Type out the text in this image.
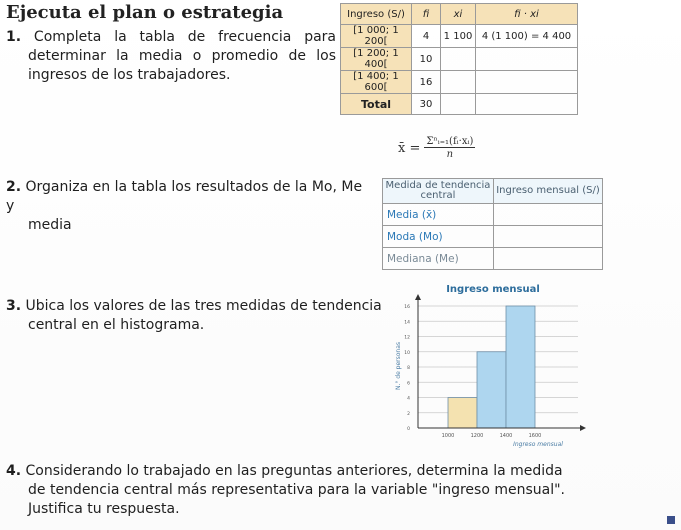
Ejecuta el plan o estrategia
1. Completa la tabla de frecuencia para
determinar la media o promedio de los
ingresos de los trabajadores.
Ingreso (S/)	fi	xi	fi · xi
[1 000; 1 200[	4	1 100	4 (1 100) = 4 400
[1 200; 1 400[	10		
[1 400; 1 600[	16		
Total	30		
x̄ = $\frac{\text{Σⁿᵢ₌₁(fᵢ·xᵢ)}}{n}$
2. Organiza en la tabla los resultados de la Mo, Me y
media
Medida de tendencia central	Ingreso mensual (S/)
Media (x̄)	
Moda (Mo)	
Mediana (Me)	
3. Ubica los valores de las tres medidas de tendencia
central en el histograma.
Ingreso mensual
0
2
4
6
8
10
12
14
16
1000	1200	1400	1600
Ingreso mensual
N.° de personas
4. Considerando lo trabajado en las preguntas anteriores, determina la medida
de tendencia central más representativa para la variable "ingreso mensual".
Justifica tu respuesta.
